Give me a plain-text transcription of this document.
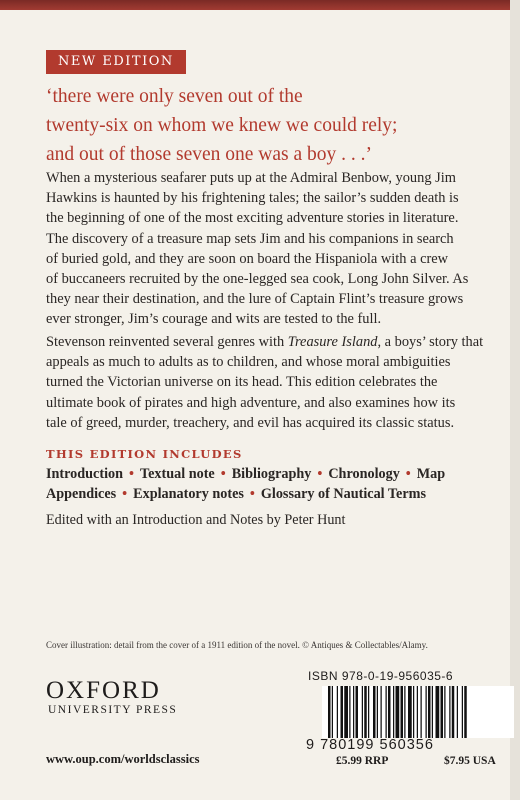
NEW EDITION
‘there were only seven out of the
twenty-six on whom we knew we could rely;
and out of those seven one was a boy . . .’
When a mysterious seafarer puts up at the Admiral Benbow, young Jim
Hawkins is haunted by his frightening tales; the sailor’s sudden death is
the beginning of one of the most exciting adventure stories in literature.
The discovery of a treasure map sets Jim and his companions in search
of buried gold, and they are soon on board the Hispaniola with a crew
of buccaneers recruited by the one-legged sea cook, Long John Silver. As
they near their destination, and the lure of Captain Flint’s treasure grows
ever stronger, Jim’s courage and wits are tested to the full.
Stevenson reinvented several genres with Treasure Island, a boys’ story that
appeals as much to adults as to children, and whose moral ambiguities
turned the Victorian universe on its head. This edition celebrates the
ultimate book of pirates and high adventure, and also examines how its
tale of greed, murder, treachery, and evil has acquired its classic status.
THIS EDITION INCLUDES
Introduction • Textual note • Bibliography • Chronology • Map
Appendices • Explanatory notes • Glossary of Nautical Terms
Edited with an Introduction and Notes by Peter Hunt
Cover illustration: detail from the cover of a 1911 edition of the novel. © Antiques & Collectables/Alamy.
OXFORD
UNIVERSITY PRESS
www.oup.com/worldsclassics
ISBN 978-0-19-956035-6
9 780199 560356
£5.99 RRP	$7.95 USA
